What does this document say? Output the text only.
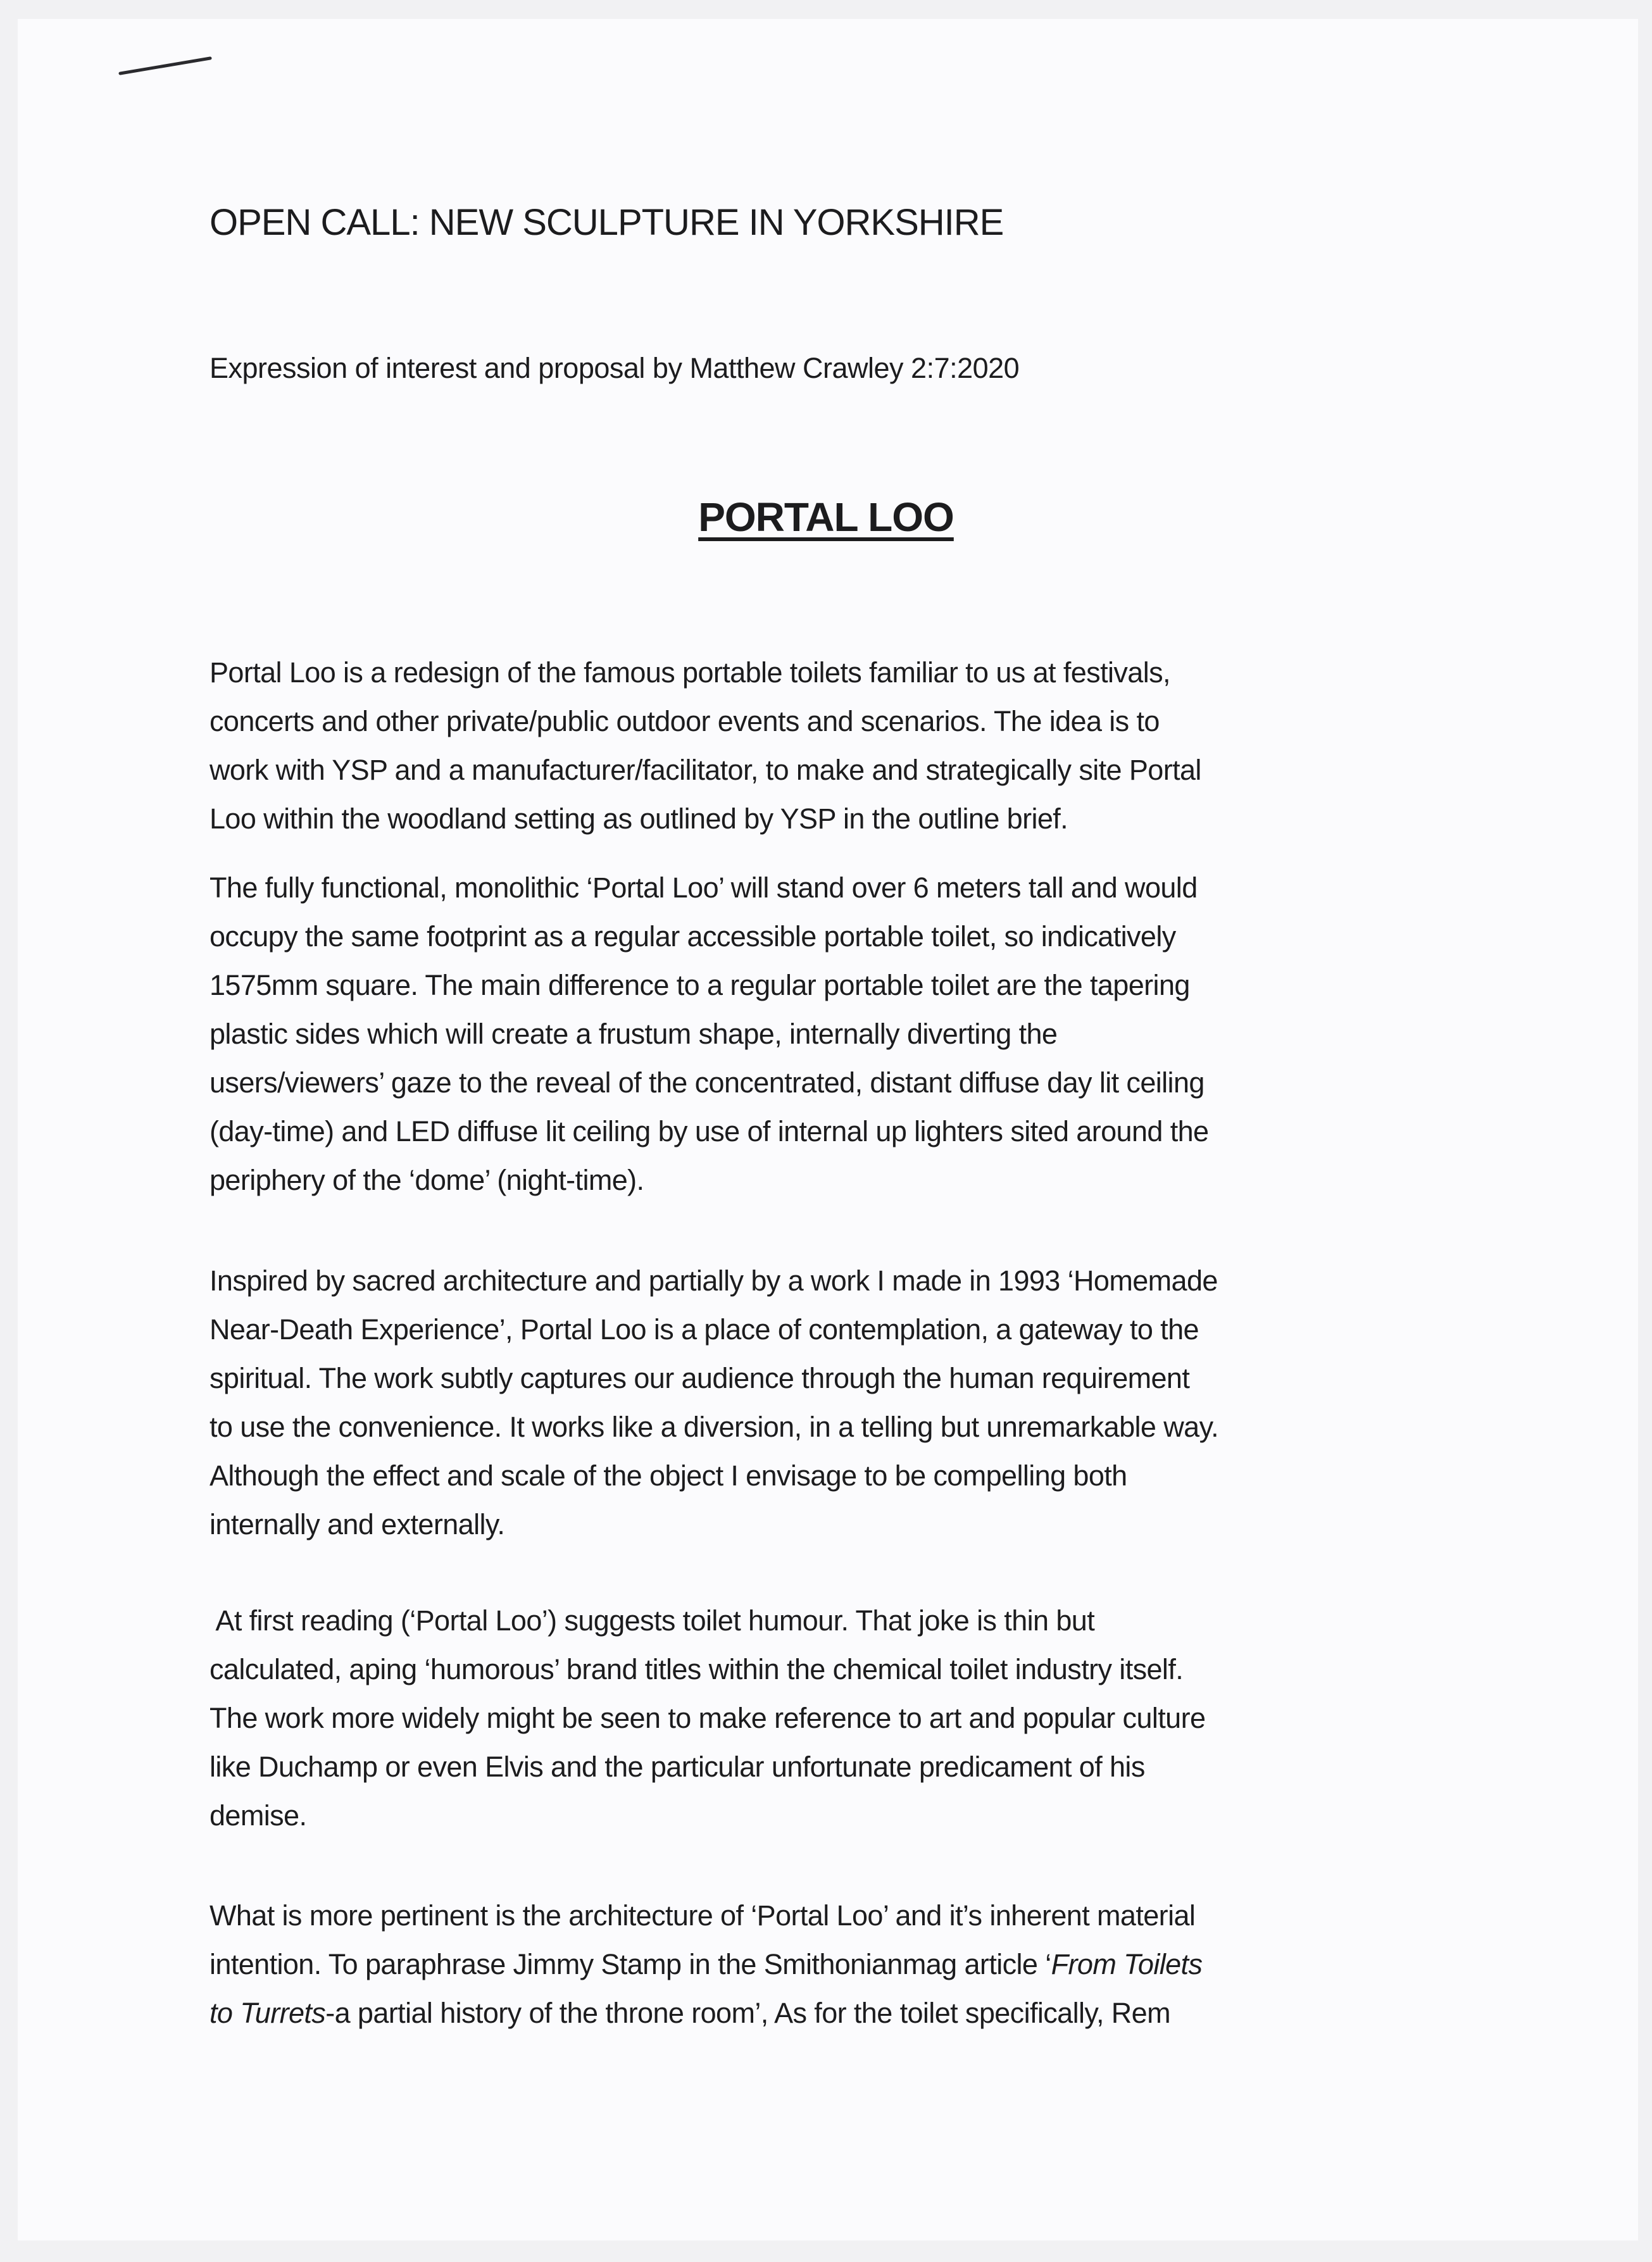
OPEN CALL: NEW SCULPTURE IN YORKSHIRE
Expression of interest and proposal by Matthew Crawley 2:7:2020
PORTAL LOO
Portal Loo is a redesign of the famous portable toilets familiar to us at festivals,
concerts and other private/public outdoor events and scenarios. The idea is to
work with YSP and a manufacturer/facilitator, to make and strategically site Portal
Loo within the woodland setting as outlined by YSP in the outline brief.
The fully functional, monolithic ‘Portal Loo’ will stand over 6 meters tall and would
occupy the same footprint as a regular accessible portable toilet, so indicatively
1575mm square. The main difference to a regular portable toilet are the tapering
plastic sides which will create a frustum shape, internally diverting the
users/viewers’ gaze to the reveal of the concentrated, distant diffuse day lit ceiling
(day-time) and LED diffuse lit ceiling by use of internal up lighters sited around the
periphery of the ‘dome’ (night-time).
Inspired by sacred architecture and partially by a work I made in 1993 ‘Homemade
Near-Death Experience’, Portal Loo is a place of contemplation, a gateway to the
spiritual. The work subtly captures our audience through the human requirement
to use the convenience. It works like a diversion, in a telling but unremarkable way.
Although the effect and scale of the object I envisage to be compelling both
internally and externally.
At first reading (‘Portal Loo’) suggests toilet humour. That joke is thin but
calculated, aping ‘humorous’ brand titles within the chemical toilet industry itself.
The work more widely might be seen to make reference to art and popular culture
like Duchamp or even Elvis and the particular unfortunate predicament of his
demise.
What is more pertinent is the architecture of ‘Portal Loo’ and it’s inherent material
intention. To paraphrase Jimmy Stamp in the Smithonianmag article ‘From Toilets
to Turrets-a partial history of the throne room’, As for the toilet specifically, Rem
